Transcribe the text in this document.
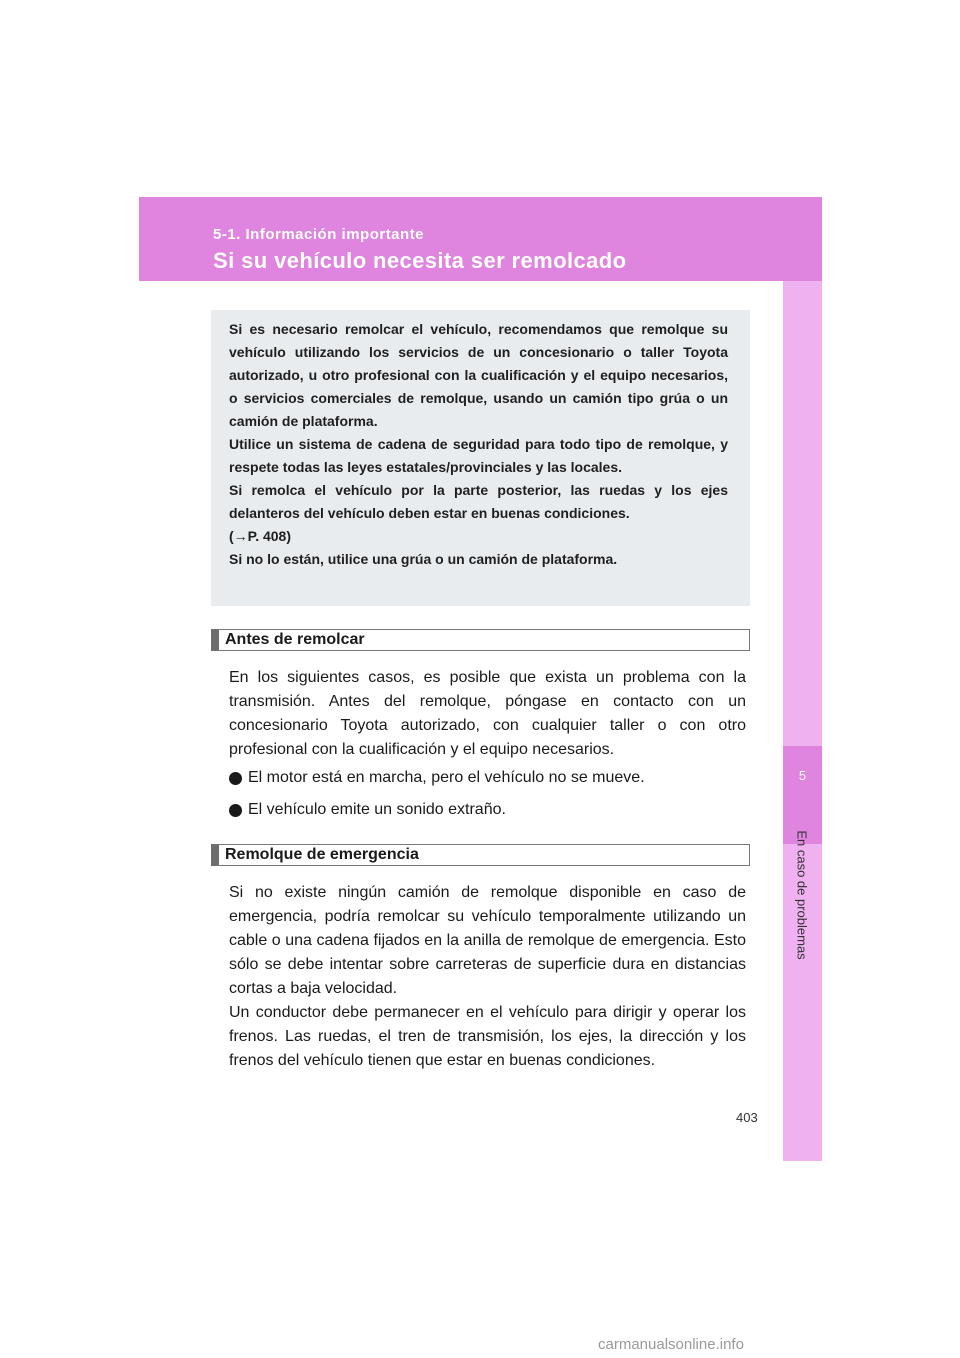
5-1. Información importante
Si su vehículo necesita ser remolcado
5
En caso de problemas

Si es necesario remolcar el vehículo, recomendamos que remolque su vehículo utilizando los servicios de un concesionario o taller Toyota autorizado, u otro profesional con la cualificación y el equipo necesarios, o servicios comerciales de remolque, usando un camión tipo grúa o un camión de plataforma.

Utilice un sistema de cadena de seguridad para todo tipo de remolque, y respete todas las leyes estatales/provinciales y las locales.

Si remolca el vehículo por la parte posterior, las ruedas y los ejes delanteros del vehículo deben estar en buenas condiciones.

(→P. 408)

Si no lo están, utilice una grúa o un camión de plataforma.

Antes de remolcar

En los siguientes casos, es posible que exista un problema con la transmisión. Antes del remolque, póngase en contacto con un concesionario Toyota autorizado, con cualquier taller o con otro profesional con la cualificación y el equipo necesarios.

El motor está en marcha, pero el vehículo no se mueve.
El vehículo emite un sonido extraño.
Remolque de emergencia

Si no existe ningún camión de remolque disponible en caso de emergencia, podría remolcar su vehículo temporalmente utilizando un cable o una cadena fijados en la anilla de remolque de emergencia. Esto sólo se debe intentar sobre carreteras de superficie dura en distancias cortas a baja velocidad.

Un conductor debe permanecer en el vehículo para dirigir y operar los frenos. Las ruedas, el tren de transmisión, los ejes, la dirección y los frenos del vehículo tienen que estar en buenas condiciones.

403
carmanualsonline.info
